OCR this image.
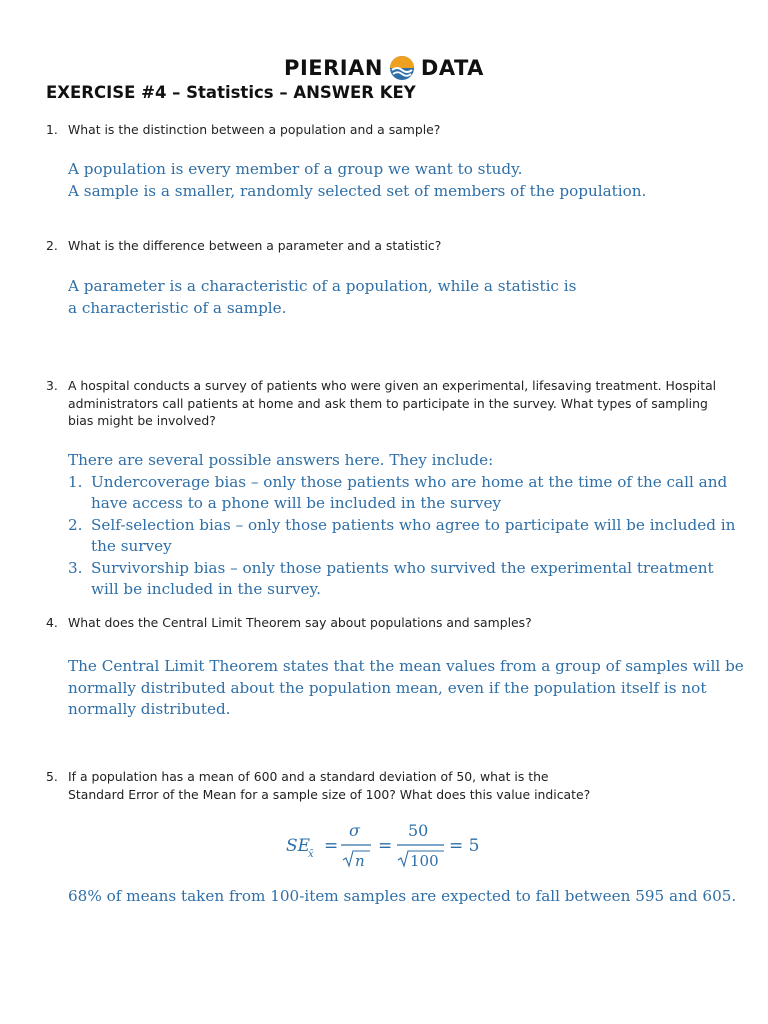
PIERIAN DATA
EXERCISE #4 – Statistics – ANSWER KEY
1. What is the distinction between a population and a sample?

A population is every member of a group we want to study.

A sample is a smaller, randomly selected set of members of the population.

2. What is the difference between a parameter and a statistic?

A parameter is a characteristic of a population, while a statistic is

a characteristic of a sample.

3. A hospital conducts a survey of patients who were given an experimental, lifesaving treatment. Hospital administrators call patients at home and ask them to participate in the survey. What types of sampling bias might be involved?

There are several possible answers here. They include:

1. Undercoverage bias – only those patients who are home at the time of the call and
have access to a phone will be included in the survey
2. Self-selection bias – only those patients who agree to participate will be included in
the survey
3. Survivorship bias – only those patients who survived the experimental treatment
will be included in the survey.
4. What does the Central Limit Theorem say about populations and samples?

The Central Limit Theorem states that the mean values from a group of samples will be

normally distributed about the population mean, even if the population itself is not

normally distributed.

5. If a population has a mean of 600 and a standard deviation of 50, what is the
Standard Error of the Mean for a sample size of 100? What does this value indicate?
SE
x̄ =
σ
n
=
50
100
= 5

68% of means taken from 100-item samples are expected to fall between 595 and 605.
